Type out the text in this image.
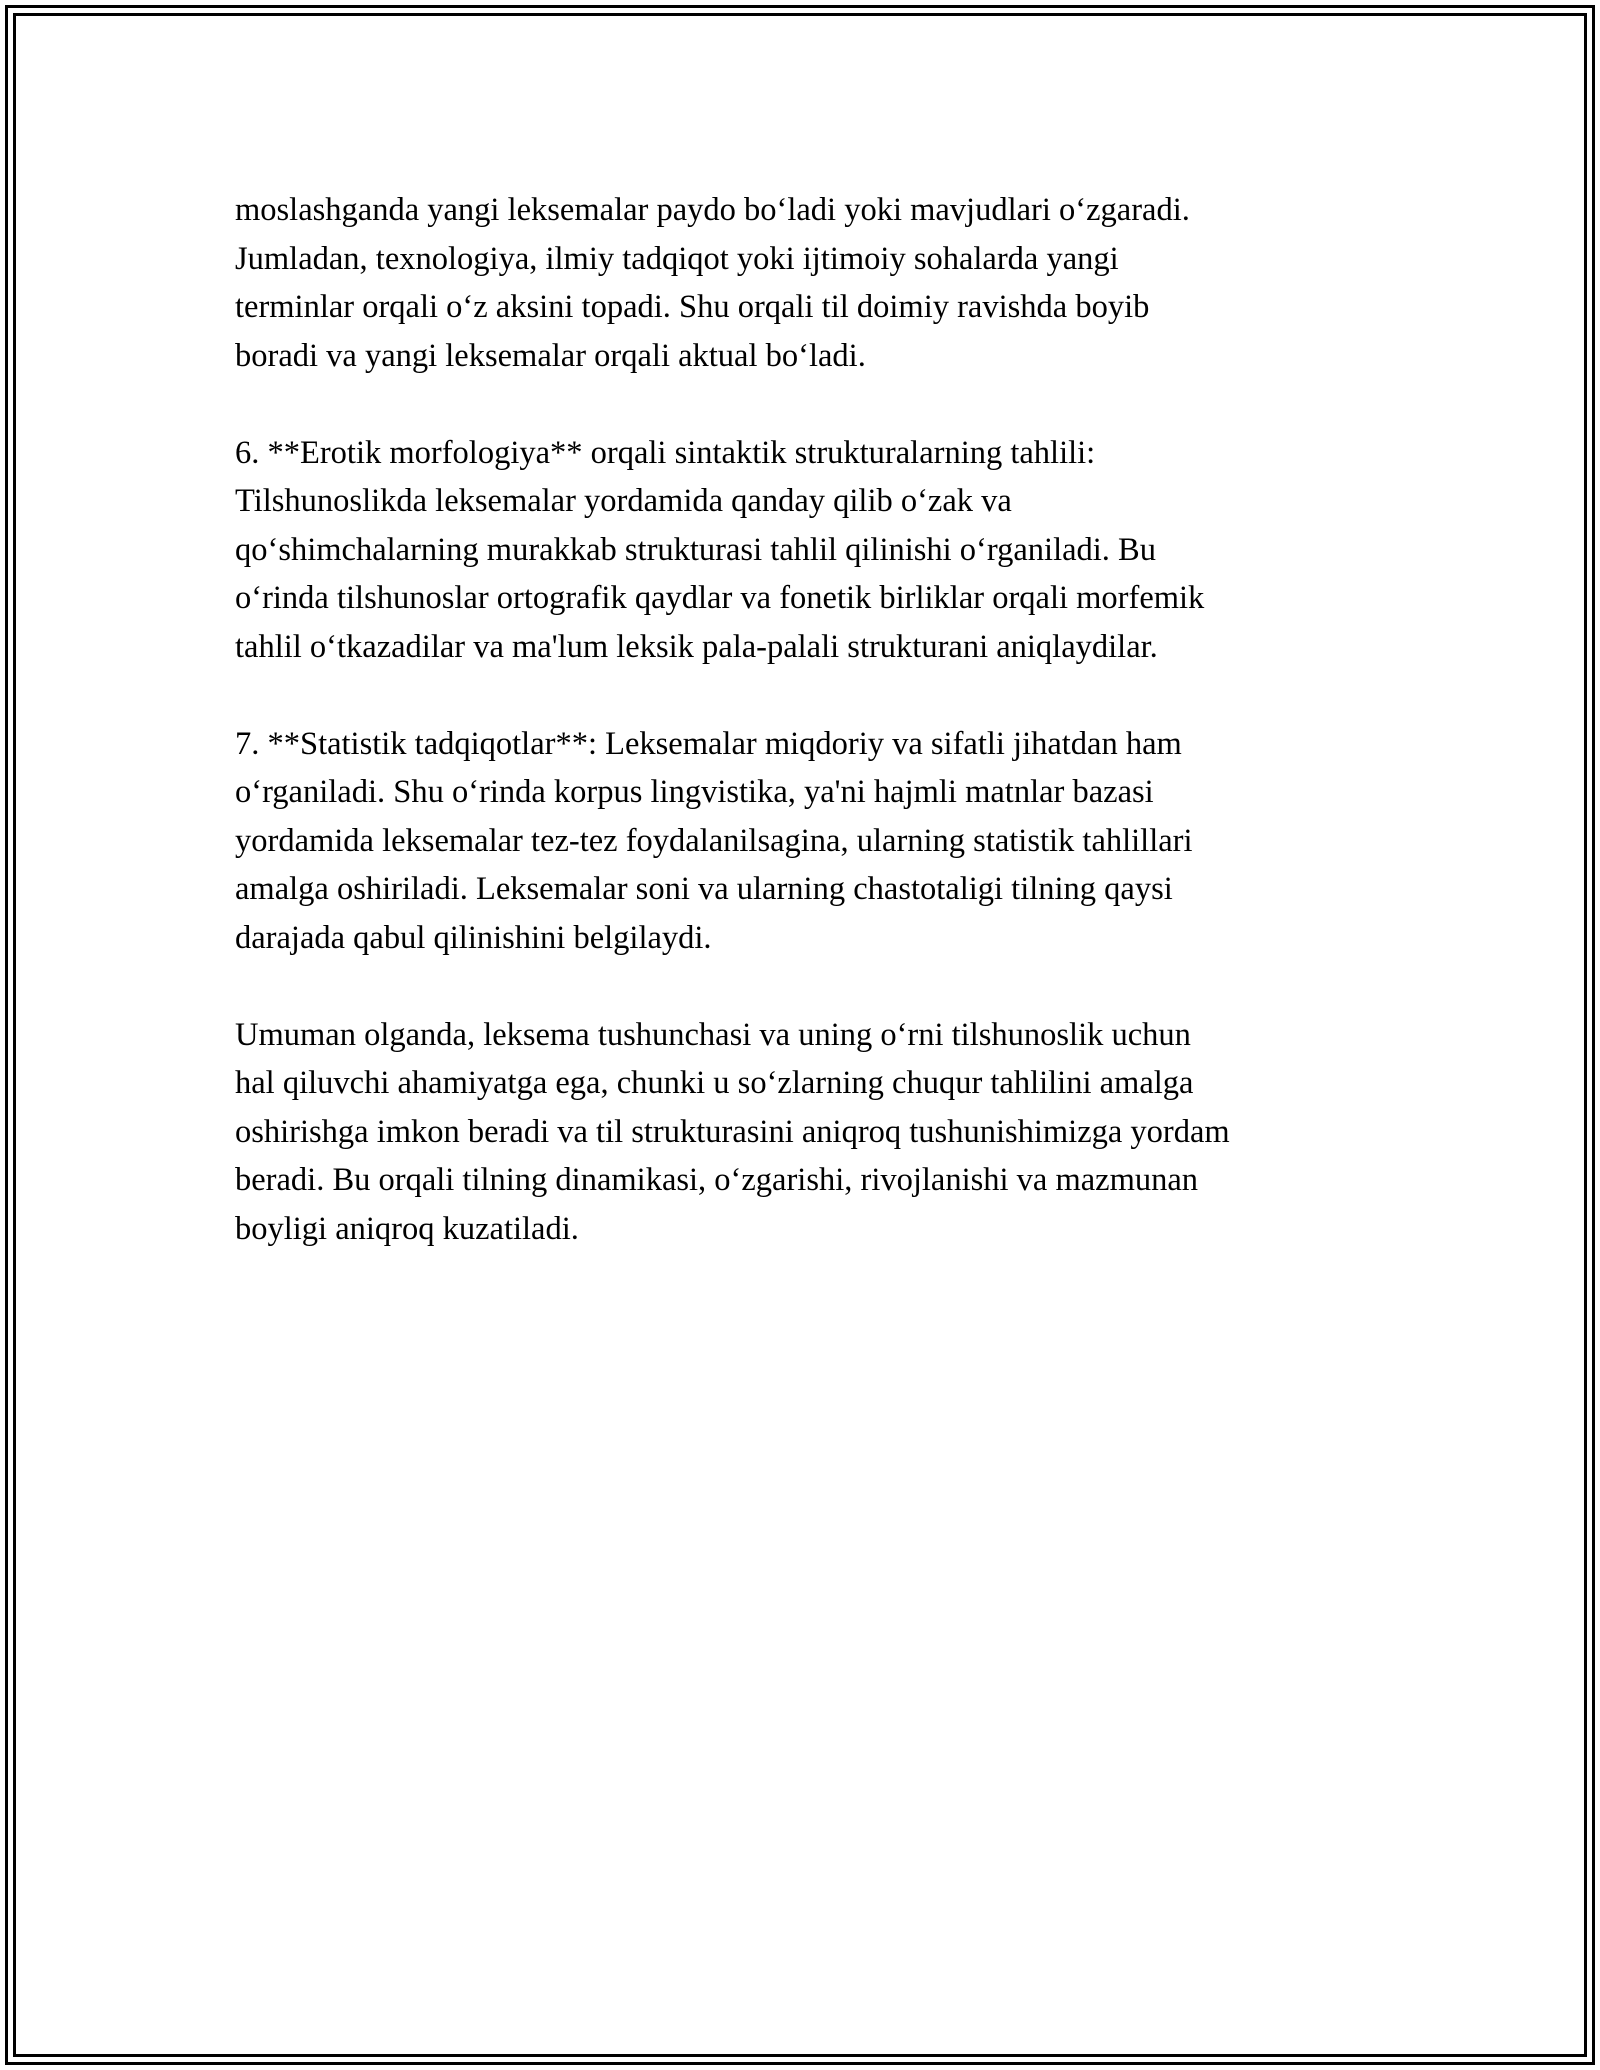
moslashganda yangi leksemalar paydo bo‘ladi yoki mavjudlari o‘zgaradi.
Jumladan, texnologiya, ilmiy tadqiqot yoki ijtimoiy sohalarda yangi
terminlar orqali o‘z aksini topadi. Shu orqali til doimiy ravishda boyib
boradi va yangi leksemalar orqali aktual bo‘ladi.

6. **Erotik morfologiya** orqali sintaktik strukturalarning tahlili:
Tilshunoslikda leksemalar yordamida qanday qilib o‘zak va
qo‘shimchalarning murakkab strukturasi tahlil qilinishi o‘rganiladi. Bu
o‘rinda tilshunoslar ortografik qaydlar va fonetik birliklar orqali morfemik
tahlil o‘tkazadilar va ma'lum leksik pala-palali strukturani aniqlaydilar.

7. **Statistik tadqiqotlar**: Leksemalar miqdoriy va sifatli jihatdan ham
o‘rganiladi. Shu o‘rinda korpus lingvistika, ya'ni hajmli matnlar bazasi
yordamida leksemalar tez-tez foydalanilsagina, ularning statistik tahlillari
amalga oshiriladi. Leksemalar soni va ularning chastotaligi tilning qaysi
darajada qabul qilinishini belgilaydi.

Umuman olganda, leksema tushunchasi va uning o‘rni tilshunoslik uchun
hal qiluvchi ahamiyatga ega, chunki u so‘zlarning chuqur tahlilini amalga
oshirishga imkon beradi va til strukturasini aniqroq tushunishimizga yordam
beradi. Bu orqali tilning dinamikasi, o‘zgarishi, rivojlanishi va mazmunan
boyligi aniqroq kuzatiladi.
